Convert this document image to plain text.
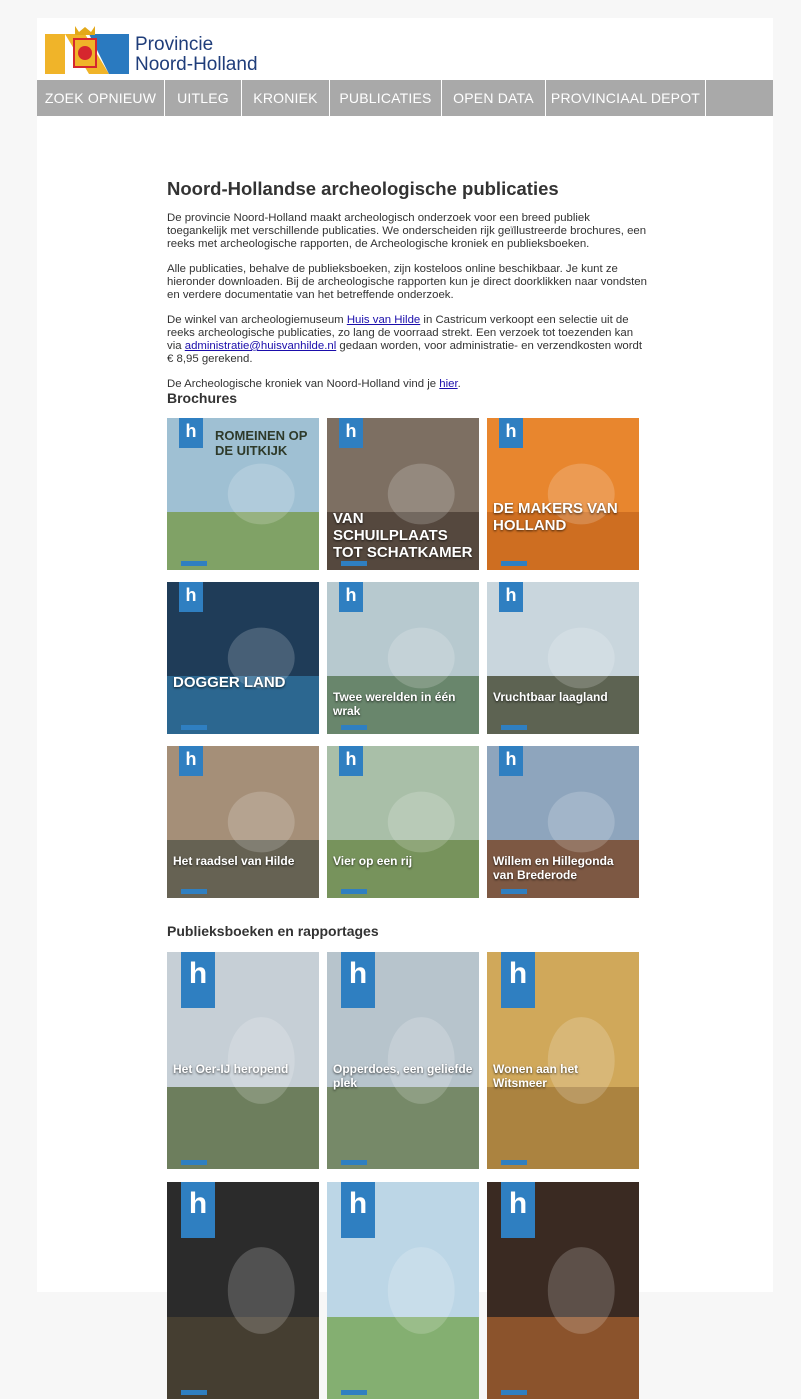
Provincie
Noord-Holland
ZOEK OPNIEUW	UITLEG	KRONIEK	PUBLICATIES	OPEN DATA	PROVINCIAAL DEPOT
Noord-Hollandse archeologische publicaties

De provincie Noord-Holland maakt archeologisch onderzoek voor een breed publiek toegankelijk met verschillende publicaties. We onderscheiden rijk geïllustreerde brochures, een reeks met archeologische rapporten, de Archeologische kroniek en publieksboeken.

Alle publicaties, behalve de publieksboeken, zijn kosteloos online beschikbaar. Je kunt ze hieronder downloaden. Bij de archeologische rapporten kun je direct doorklikken naar vondsten en verdere documentatie van het betreffende onderzoek.

De winkel van archeologiemuseum Huis van Hilde in Castricum verkoopt een selectie uit de reeks archeologische publicaties, zo lang de voorraad strekt. Een verzoek tot toezenden kan via administratie@huisvanhilde.nl gedaan worden, voor administratie- en verzendkosten wordt € 8,95 gerekend.

De Archeologische kroniek van Noord-Holland vind je hier.

Brochures
h	ROMEINEN OP DE UITKIJK
h
VAN SCHUILPLAATS TOT SCHATKAMER
h
DE MAKERS VAN HOLLAND
h
DOGGER LAND
h
Twee werelden in één wrak
h
Vruchtbaar laagland
h
Het raadsel van Hilde
h
Vier op een rij
h
Willem en Hillegonda van Brederode
Publieksboeken en rapportages
h
Het Oer-IJ heropend
h
Opperdoes, een geliefde plek
h
Wonen aan het Witsmeer
h	h	h
